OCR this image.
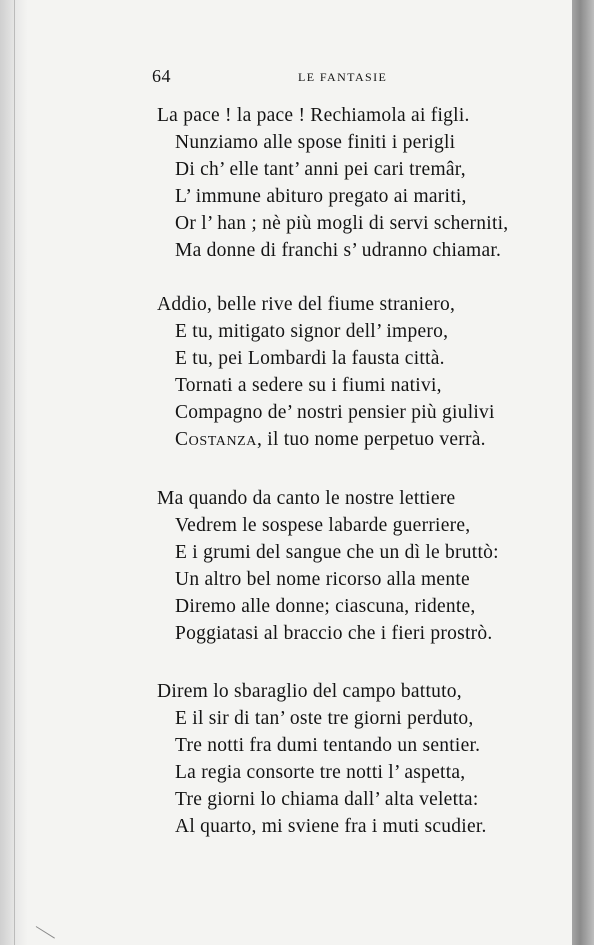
64	LE FANTASIE
La pace ! la pace ! Rechiamola ai figli.
Nunziamo alle spose finiti i perigli
Di ch’ elle tant’ anni pei cari tremâr,
L’ immune abituro pregato ai mariti,
Or l’ han ; nè più mogli di servi scherniti,
Ma donne di franchi s’ udranno chiamar.
Addio, belle rive del fiume straniero,
E tu, mitigato signor dell’ impero,
E tu, pei Lombardi la fausta città.
Tornati a sedere su i fiumi nativi,
Compagno de’ nostri pensier più giulivi
Costanza, il tuo nome perpetuo verrà.
Ma quando da canto le nostre lettiere
Vedrem le sospese labarde guerriere,
E i grumi del sangue che un dì le bruttò:
Un altro bel nome ricorso alla mente
Diremo alle donne; ciascuna, ridente,
Poggiatasi al braccio che i fieri prostrò.
Direm lo sbaraglio del campo battuto,
E il sir di tan’ oste tre giorni perduto,
Tre notti fra dumi tentando un sentier.
La regia consorte tre notti l’ aspetta,
Tre giorni lo chiama dall’ alta veletta:
Al quarto, mi sviene fra i muti scudier.
